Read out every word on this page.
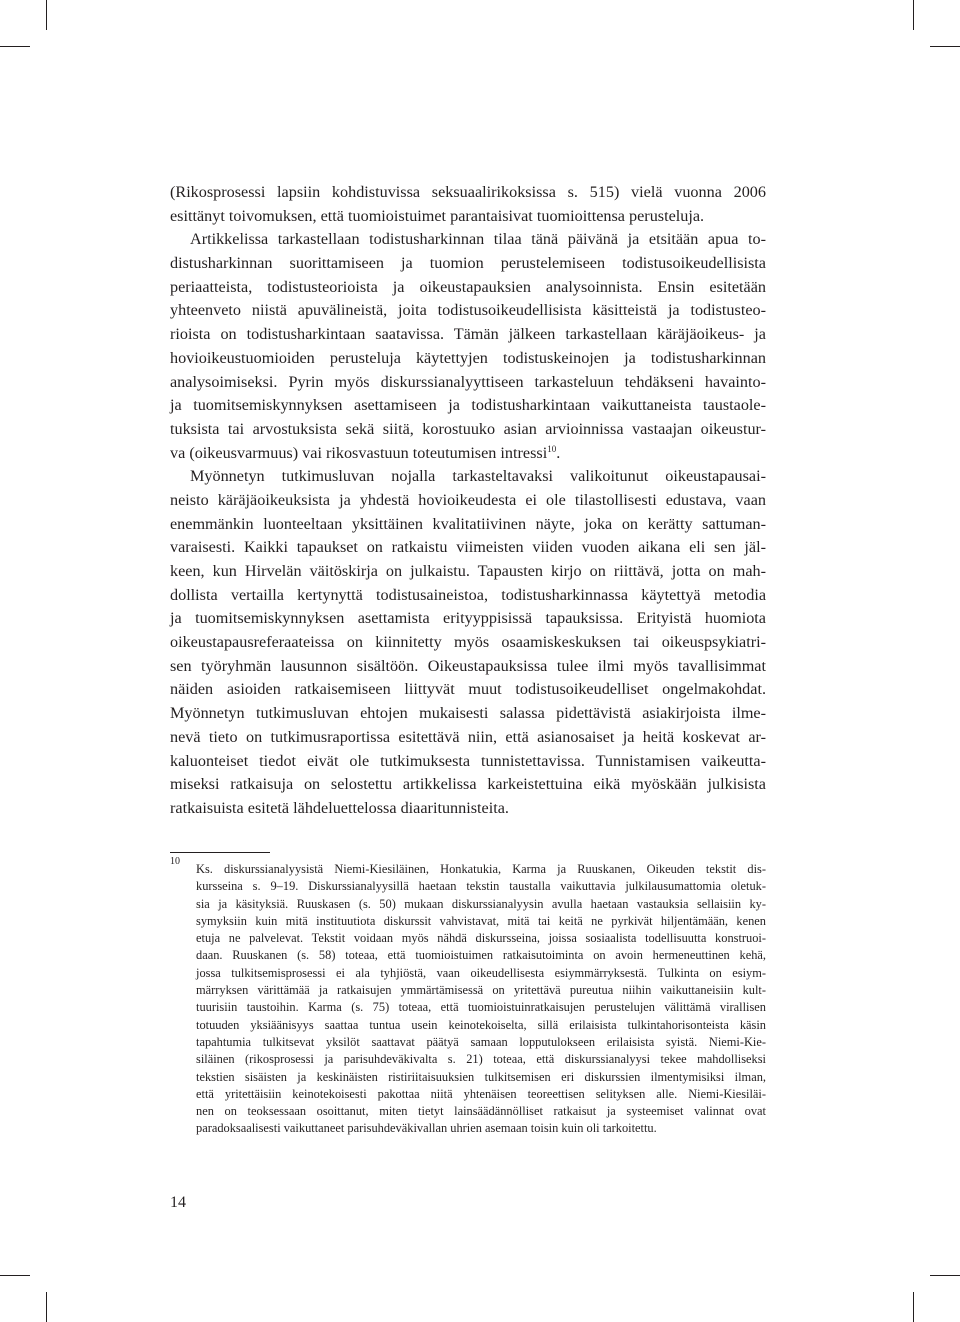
(Rikosprosessi lapsiin kohdistuvissa seksuaalirikoksissa s. 515) vielä vuonna 2006
esittänyt toivomuksen, että tuomioistuimet parantaisivat tuomioittensa perusteluja.
Artikkelissa tarkastellaan todistusharkinnan tilaa tänä päivänä ja etsitään apua to-
distusharkinnan suorittamiseen ja tuomion perustelemiseen todistusoikeudellisista
periaatteista, todistusteorioista ja oikeustapauksien analysoinnista. Ensin esitetään
yhteenveto niistä apuvälineistä, joita todistusoikeudellisista käsitteistä ja todistusteo-
rioista on todistusharkintaan saatavissa. Tämän jälkeen tarkastellaan käräjäoikeus- ja
hovioikeustuomioiden perusteluja käytettyjen todistuskeinojen ja todistusharkinnan
analysoimiseksi. Pyrin myös diskurssianalyyttiseen tarkasteluun tehdäkseni havainto-
ja tuomitsemiskynnyksen asettamiseen ja todistusharkintaan vaikuttaneista taustaole-
tuksista tai arvostuksista sekä siitä, korostuuko asian arvioinnissa vastaajan oikeustur-
va (oikeusvarmuus) vai rikosvastuun toteutumisen intressi$^{10}$.
Myönnetyn tutkimusluvan nojalla tarkasteltavaksi valikoitunut oikeustapausai-
neisto käräjäoikeuksista ja yhdestä hovioikeudesta ei ole tilastollisesti edustava, vaan
enemmänkin luonteeltaan yksittäinen kvalitatiivinen näyte, joka on kerätty sattuman-
varaisesti. Kaikki tapaukset on ratkaistu viimeisten viiden vuoden aikana eli sen jäl-
keen, kun Hirvelän väitöskirja on julkaistu. Tapausten kirjo on riittävä, jotta on mah-
dollista vertailla kertynyttä todistusaineistoa, todistusharkinnassa käytettyä metodia
ja tuomitsemiskynnyksen asettamista erityyppisissä tapauksissa. Erityistä huomiota
oikeustapausreferaateissa on kiinnitetty myös osaamiskeskuksen tai oikeuspsykiatri-
sen työryhmän lausunnon sisältöön. Oikeustapauksissa tulee ilmi myös tavallisimmat
näiden asioiden ratkaisemiseen liittyvät muut todistusoikeudelliset ongelmakohdat.
Myönnetyn tutkimusluvan ehtojen mukaisesti salassa pidettävistä asiakirjoista ilme-
nevä tieto on tutkimusraportissa esitettävä niin, että asianosaiset ja heitä koskevat ar-
kaluonteiset tiedot eivät ole tutkimuksesta tunnistettavissa. Tunnistamisen vaikeutta-
miseksi ratkaisuja on selostettu artikkelissa karkeistettuina eikä myöskään julkisista
ratkaisuista esitetä lähdeluettelossa diaaritunnisteita.
10
Ks. diskurssianalyysistä Niemi-Kiesiläinen, Honkatukia, Karma ja Ruuskanen, Oikeuden tekstit dis-
kursseina s. 9–19. Diskurssianalyysillä haetaan tekstin taustalla vaikuttavia julkilausumattomia oletuk-
sia ja käsityksiä. Ruuskasen (s. 50) mukaan diskurssianalyysin avulla haetaan vastauksia sellaisiin ky-
symyksiin kuin mitä instituutiota diskurssit vahvistavat, mitä tai keitä ne pyrkivät hiljentämään, kenen
etuja ne palvelevat. Tekstit voidaan myös nähdä diskursseina, joissa sosiaalista todellisuutta konstruoi-
daan. Ruuskanen (s. 58) toteaa, että tuomioistuimen ratkaisutoiminta on avoin hermeneuttinen kehä,
jossa tulkitsemisprosessi ei ala tyhjiöstä, vaan oikeudellisesta esiymmärryksestä. Tulkinta on esiym-
märryksen värittämää ja ratkaisujen ymmärtämisessä on yritettävä pureutua niihin vaikuttaneisiin kult-
tuurisiin taustoihin. Karma (s. 75) toteaa, että tuomioistuinratkaisujen perustelujen välittämä virallisen
totuuden yksiäänisyys saattaa tuntua usein keinotekoiselta, sillä erilaisista tulkintahorisonteista käsin
tapahtumia tulkitsevat yksilöt saattavat päätyä samaan lopputulokseen erilaisista syistä. Niemi-Kie-
siläinen (rikosprosessi ja parisuhdeväkivalta s. 21) toteaa, että diskurssianalyysi tekee mahdolliseksi
tekstien sisäisten ja keskinäisten ristiriitaisuuksien tulkitsemisen eri diskurssien ilmentymisiksi ilman,
että yritettäisiin keinotekoisesti pakottaa niitä yhtenäisen teoreettisen selityksen alle. Niemi-Kiesiläi-
nen on teoksessaan osoittanut, miten tietyt lainsäädännölliset ratkaisut ja systeemiset valinnat ovat
paradoksaalisesti vaikuttaneet parisuhdeväkivallan uhrien asemaan toisin kuin oli tarkoitettu.
14
